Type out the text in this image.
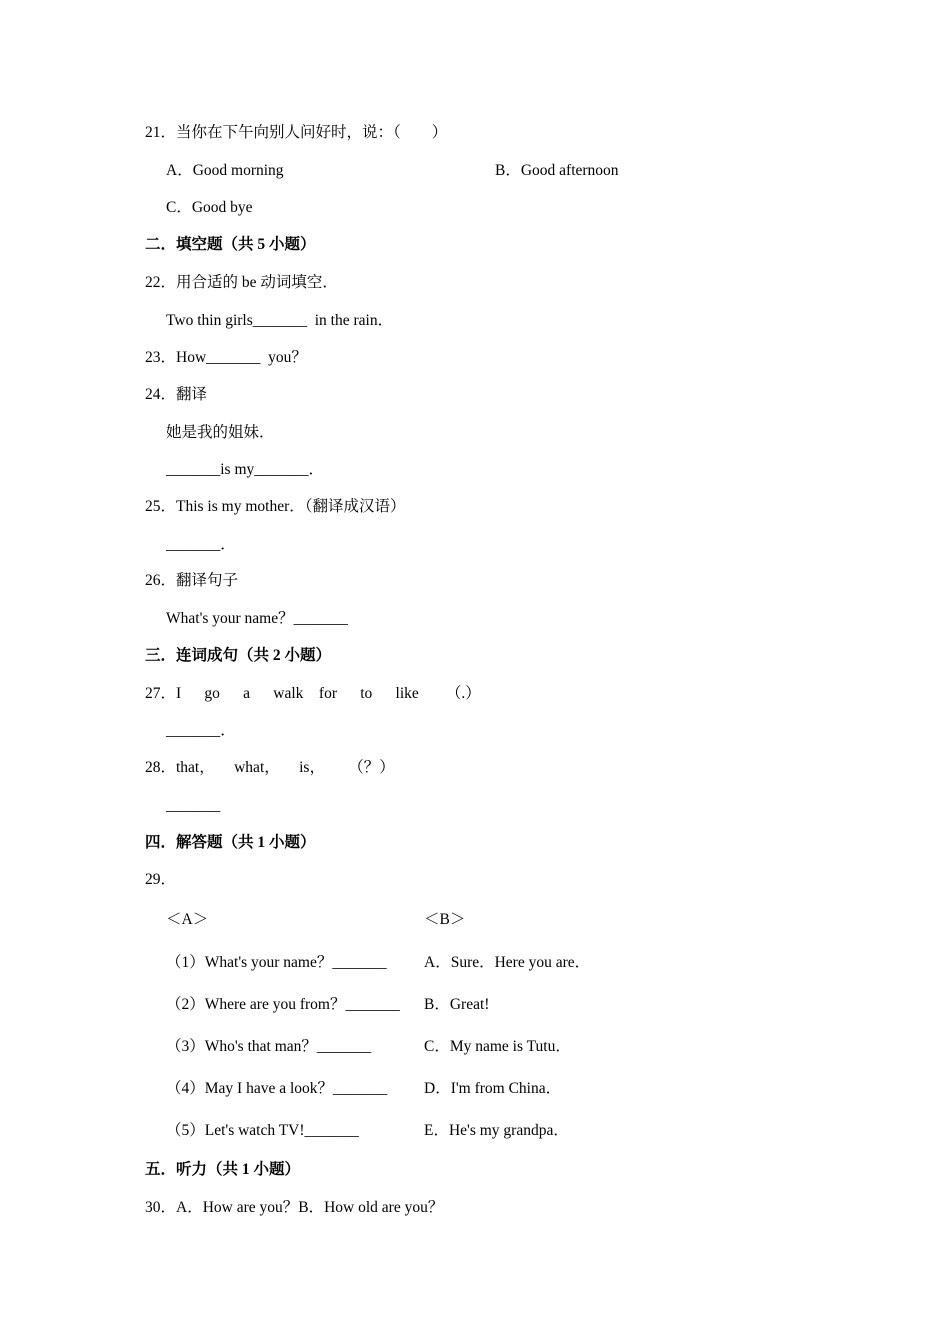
21．当你在下午向别人问好时，说：（　　）
A．Good morning	B．Good afternoon
C．Good bye
二．填空题（共 5 小题）
22．用合适的 be 动词填空．
Two thin girls_______  in the rain．
23．How_______  you？
24．翻译
她是我的姐妹．
_______is my_______．
25．This is my mother．（翻译成汉语）
_______．
26．翻译句子
What's your name？_______
三．连词成句（共 2 小题）
27．I      go      a      walk    for      to      like       （.）
_______．
28．that，     what，     is，      （？）
_______
四．解答题（共 1 小题）
29．
＜A＞	＜B＞
（1）What's your name？_______ A．Sure．Here you are．
（2）Where are you from？_______ B．Great!
（3）Who's that man？_______	C．My name is Tutu．
（4）May I have a look？_______ D．I'm from China．
（5）Let's watch TV!_______	E．He's my grandpa．
五．听力（共 1 小题）
30．A．How are you？B．How old are you？
